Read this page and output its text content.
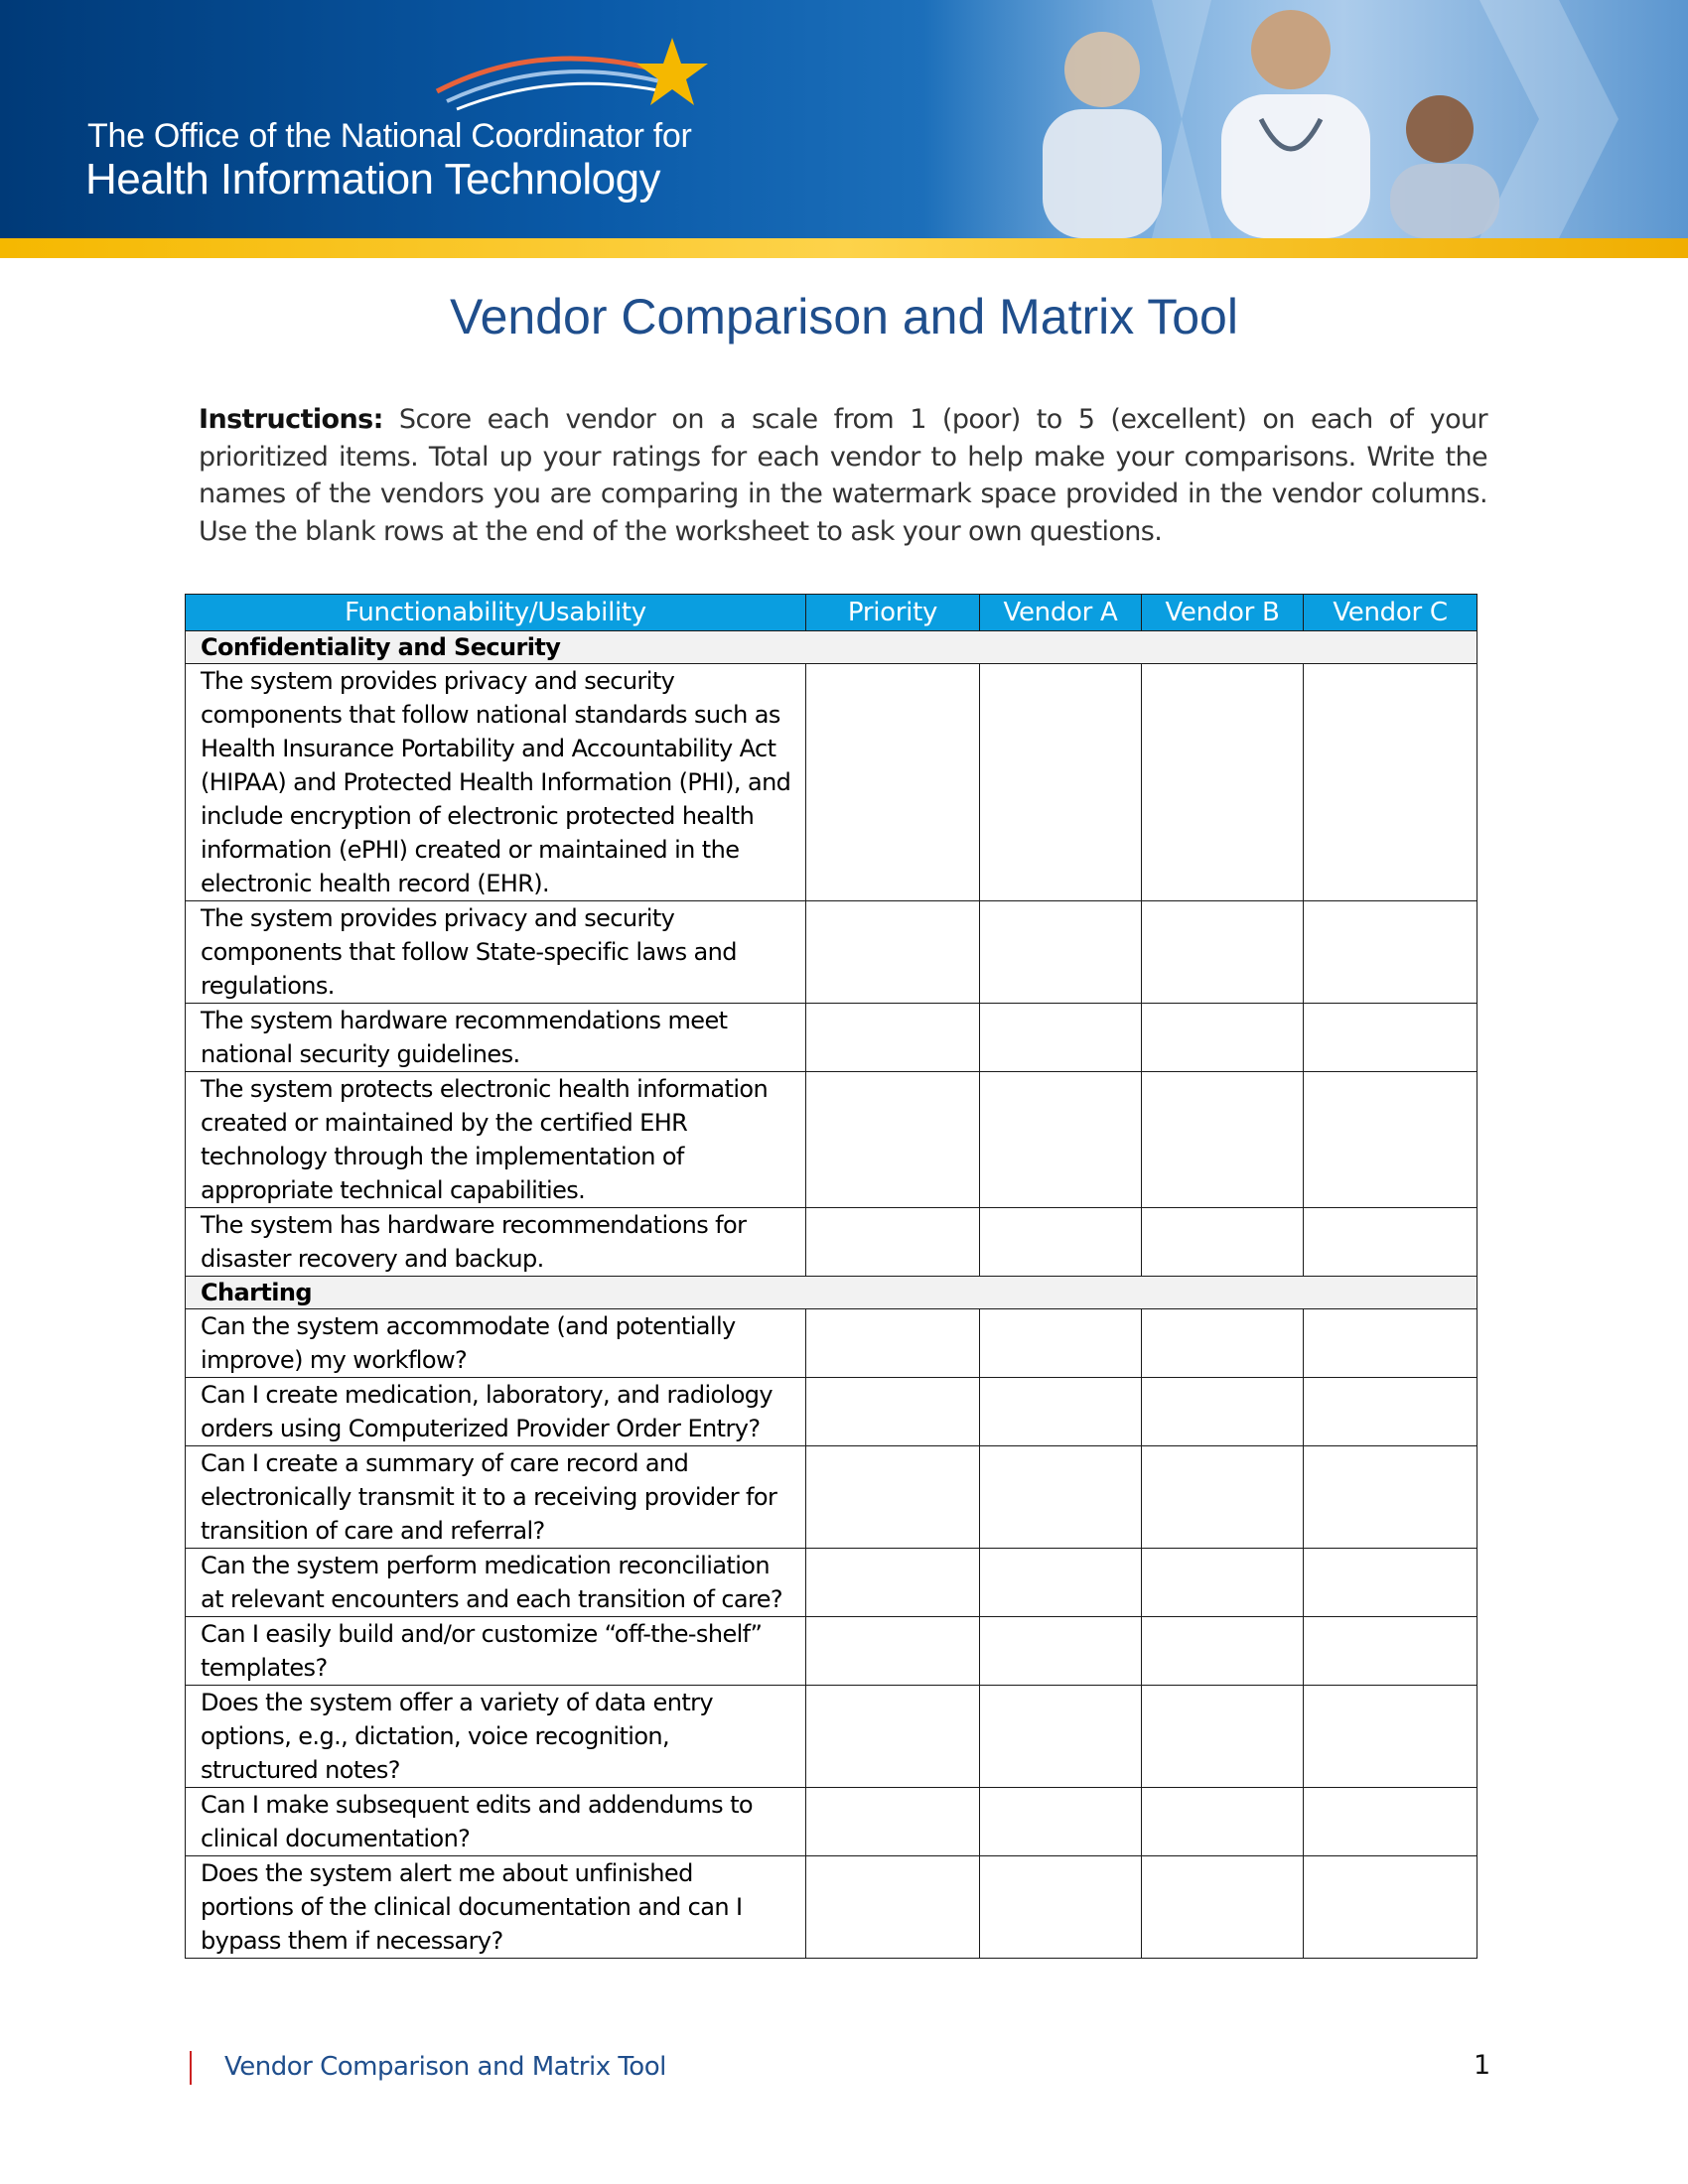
The Office of the National Coordinator for
Health Information Technology
Vendor Comparison and Matrix Tool
Instructions: Score each vendor on a scale from 1 (poor) to 5 (excellent) on each of your prioritized items. Total up your ratings for each vendor to help make your comparisons. Write the names of the vendors you are comparing in the watermark space provided in the vendor columns. Use the blank rows at the end of the worksheet to ask your own questions.
Functionability/Usability	Priority	Vendor A	Vendor B	Vendor C
Confidentiality and Security				
The system provides privacy and security components that follow national standards such as Health Insurance Portability and Accountability Act (HIPAA) and Protected Health Information (PHI), and include encryption of electronic protected health information (ePHI) created or maintained in the electronic health record (EHR).				
The system provides privacy and security components that follow State-specific laws and regulations.				
The system hardware recommendations meet national security guidelines.				
The system protects electronic health information created or maintained by the certified EHR technology through the implementation of appropriate technical capabilities.				
The system has hardware recommendations for disaster recovery and backup.				
Charting				
Can the system accommodate (and potentially improve) my workflow?				
Can I create medication, laboratory, and radiology orders using Computerized Provider Order Entry?				
Can I create a summary of care record and electronically transmit it to a receiving provider for transition of care and referral?				
Can the system perform medication reconciliation at relevant encounters and each transition of care?				
Can I easily build and/or customize “off-the-shelf” templates?				
Does the system offer a variety of data entry options, e.g., dictation, voice recognition, structured notes?				
Can I make subsequent edits and addendums to clinical documentation?				
Does the system alert me about unfinished portions of the clinical documentation and can I bypass them if necessary?				
Vendor Comparison and Matrix Tool	1
